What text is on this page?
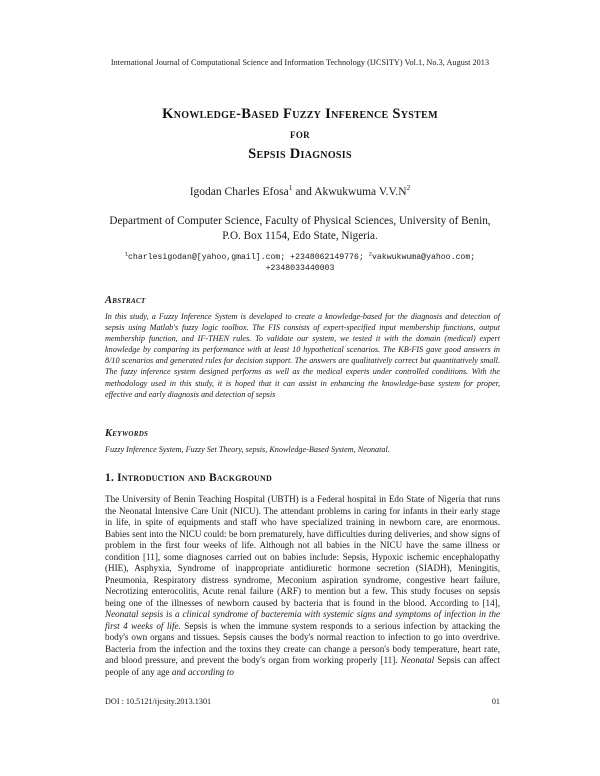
International Journal of Computational Science and Information Technology (IJCSITY) Vol.1, No.3, August 2013
Knowledge-Based Fuzzy Inference System
for
Sepsis Diagnosis
Igodan Charles Efosa$^1$ and Akwukwuma $V.V.N^2$
Department of Computer Science, Faculty of Physical Sciences, University of Benin,
P.O. Box 1154, Edo State, Nigeria.
$^1$charlesigodan@[yahoo,gmail].com; +2348062149776; $^2$vakwukwuma@yahoo.com;
+2348033440003
Abstract
In this study, a Fuzzy Inference System is developed to create a knowledge-based for the diagnosis and detection of sepsis using Matlab's fuzzy logic toolbox. The FIS consists of expert-specified input membership functions, output membership function, and IF-THEN rules. To validate our system, we tested it with the domain (medical) expert knowledge by comparing its performance with at least 10 hypothetical scenarios. The KB-FIS gave good answers in 8/10 scenarios and generated rules for decision support. The answers are qualitatively correct but quantitatively small. The fuzzy inference system designed performs as well as the medical experts under controlled conditions. With the methodology used in this study, it is hoped that it can assist in enhancing the knowledge-base system for proper, effective and early diagnosis and detection of sepsis
Keywords
Fuzzy Inference System, Fuzzy Set Theory, sepsis, Knowledge-Based System, Neonatal.
1. Introduction and Background

The University of Benin Teaching Hospital (UBTH) is a Federal hospital in Edo State of Nigeria that runs the Neonatal Intensive Care Unit (NICU). The attendant problems in caring for infants in their early stage in life, in spite of equipments and staff who have specialized training in newborn care, are enormous. Babies sent into the NICU could: be born prematurely, have difficulties during deliveries, and show signs of problem in the first four weeks of life. Although not all babies in the NICU have the same illness or condition [11], some diagnoses carried out on babies include: Sepsis, Hypoxic ischemic encephalopathy (HIE), Asphyxia, Syndrome of inappropriate antidiuretic hormone secretion (SIADH), Meningitis, Pneumonia, Respiratory distress syndrome, Meconium aspiration syndrome, congestive heart failure, Necrotizing enterocolitis, Acute renal failure (ARF) to mention but a few. This study focuses on sepsis being one of the illnesses of newborn caused by bacteria that is found in the blood. According to [14], Neonatal sepsis is a clinical syndrome of bacteremia with systemic signs and symptoms of infection in the first 4 weeks of life. Sepsis is when the immune system responds to a serious infection by attacking the body's own organs and tissues. Sepsis causes the body's normal reaction to infection to go into overdrive. Bacteria from the infection and the toxins they create can change a person's body temperature, heart rate, and blood pressure, and prevent the body's organ from working properly [11]. Neonatal Sepsis can affect people of any age and according to

DOI : 10.5121/ijcsity.2013.1301	01
